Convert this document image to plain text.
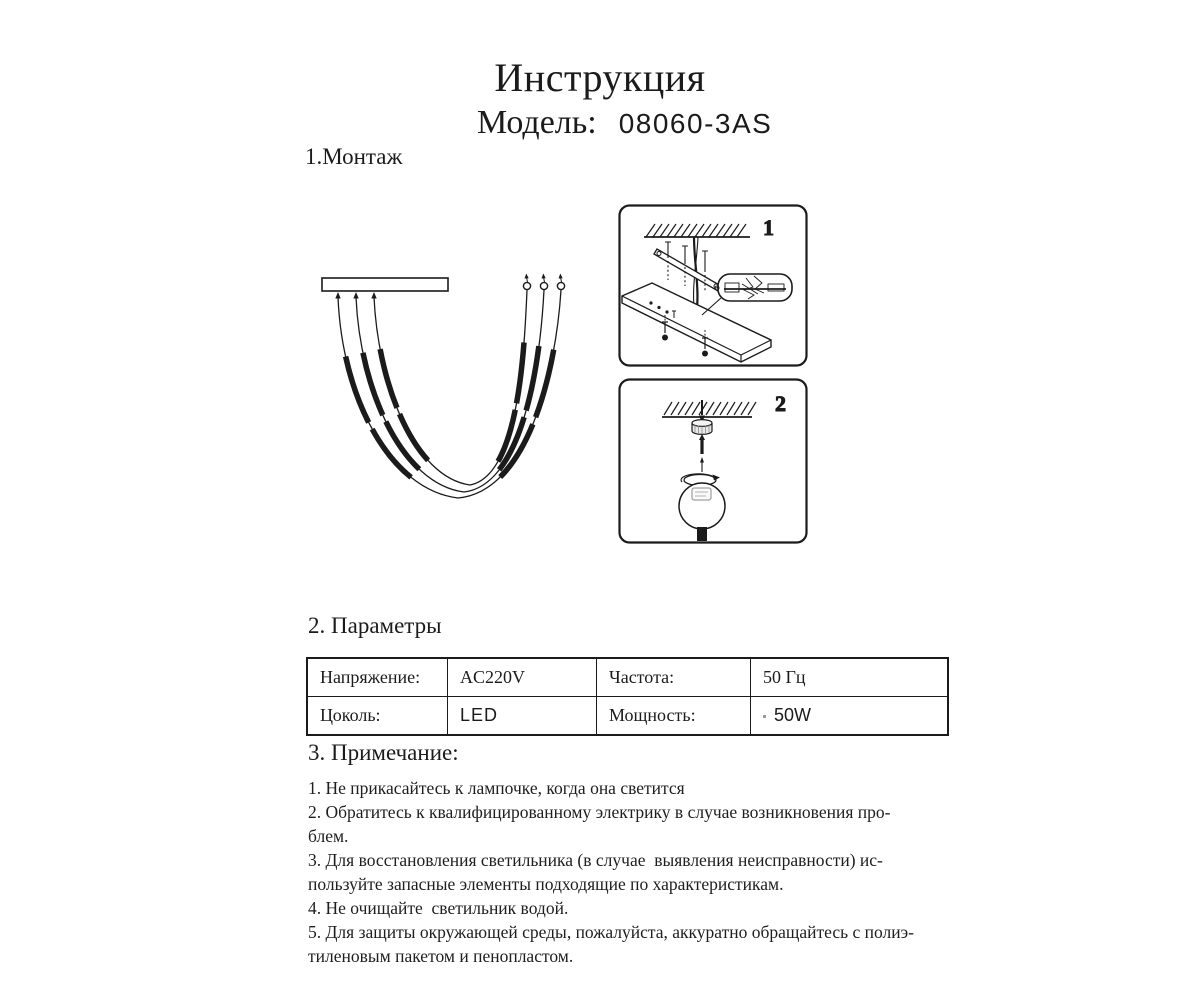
Инструкция
Модель: 08060-3AS
1.Монтаж
1
2
2. Параметры
Напряжение:	AC220V	Частота:	50 Гц
Цоколь:	LED	Мощность:	50W
3. Примечание:
1. Не прикасайтесь к лампочке, когда она светится
2. Обратитесь к квалифицированному электрику в случае возникновения про-
блем.
3. Для восстановления светильника (в случае  выявления неисправности) ис-
пользуйте запасные элементы подходящие по характеристикам.
4. Не очищайте  светильник водой.
5. Для защиты окружающей среды, пожалуйста, аккуратно обращайтесь с полиэ-
тиленовым пакетом и пенопластом.
